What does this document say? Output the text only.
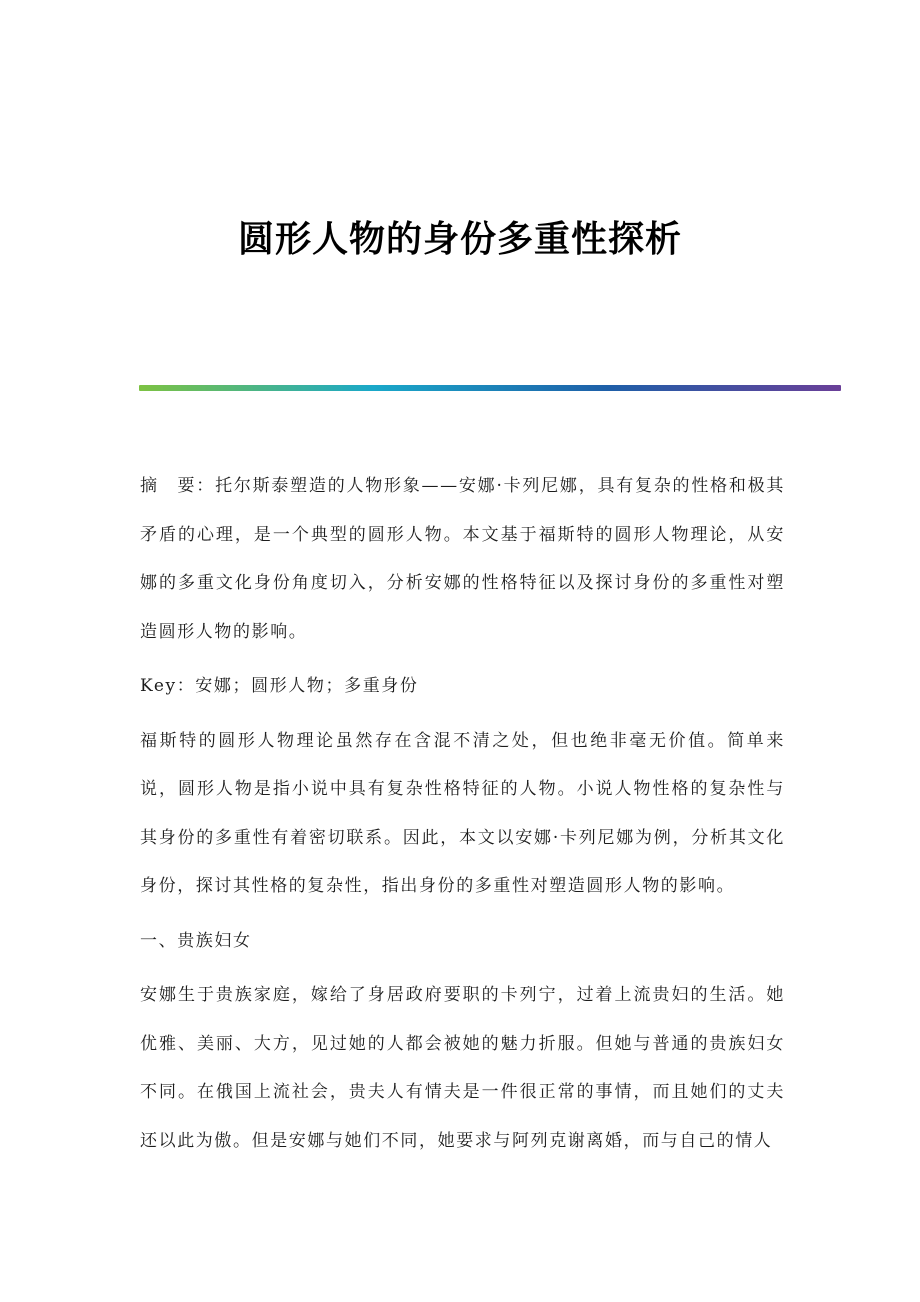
圆形人物的身份多重性探析

摘　要：托尔斯泰塑造的人物形象——安娜·卡列尼娜，具有复杂的性格和极其矛盾的心理，是一个典型的圆形人物。本文基于福斯特的圆形人物理论，从安娜的多重文化身份角度切入，分析安娜的性格特征以及探讨身份的多重性对塑造圆形人物的影响。

Key：安娜；圆形人物；多重身份

福斯特的圆形人物理论虽然存在含混不清之处，但也绝非毫无价值。简单来说，圆形人物是指小说中具有复杂性格特征的人物。小说人物性格的复杂性与其身份的多重性有着密切联系。因此，本文以安娜·卡列尼娜为例，分析其文化身份，探讨其性格的复杂性，指出身份的多重性对塑造圆形人物的影响。

一、贵族妇女

安娜生于贵族家庭，嫁给了身居政府要职的卡列宁，过着上流贵妇的生活。她优雅、美丽、大方，见过她的人都会被她的魅力折服。但她与普通的贵族妇女不同。在俄国上流社会，贵夫人有情夫是一件很正常的事情，而且她们的丈夫还以此为傲。但是安娜与她们不同，她要求与阿列克谢离婚，而与自己的情人
